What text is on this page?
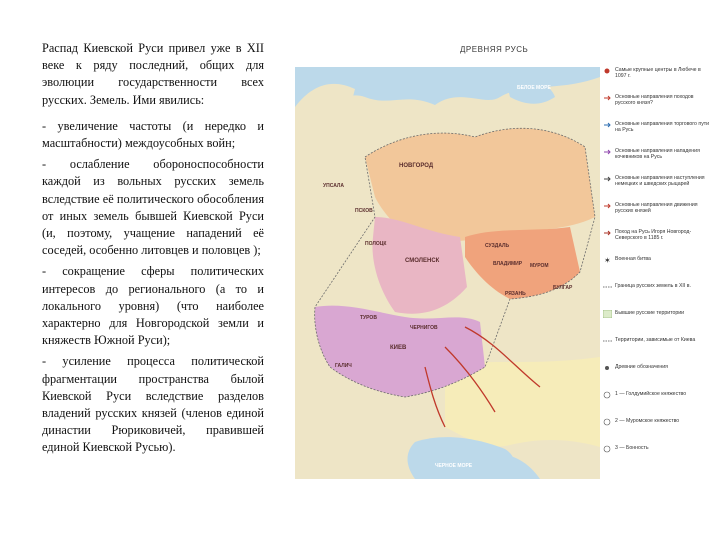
Распад Киевской Руси привел уже в XII веке к ряду последний, общих для эволюции государственности всех русских. Земель. Ими явились:

- увеличение частоты (и нередко и масштабности) междоусобных войн;

- ослабление обороноспособности каждой из вольных русских земель вследствие её политического обособления от иных земель бывшей Киевской Руси (и, поэтому, учащение нападений её соседей, особенно литовцев и половцев );

- сокращение сферы политических интересов до регионального (а то и локального уровня) (что наиболее характерно для Новгородской земли и княжеств Южной Руси);

- усиление процесса политической фрагментации пространства былой Киевской Руси вследствие разделов владений русских князей (членов единой династии Рюриковичей, правившей единой Киевской Русью).

ДРЕВНЯЯ РУСЬ
БЕЛОЕ МОРЕ
НОВГОРОД
ПСКОВ
УПСАЛА
ПОЛОЦК
СМОЛЕНСК
СУЗДАЛЬ
ВЛАДИМИР МУРОМ
БУЛГАР
РЯЗАНЬ
ТУРОВ
ЧЕРНИГОВ
КИЕВ
ГАЛИЧ
ЧЕРНОЕ МОРЕ
Самые крупные центры в Любече в 1097 г.
Основные направления походов русского князя?
Основные направления торгового пути на Русь
Основные направления нападения кочевников на Русь
Основные направления наступления немецких и шведских рыцарей
Основные направления движения русских князей
Поход на Русь Игоря Новгород-Северского в 1185 г.
✶ Военная битва
Граница русских земель в XII в.
Бывшие русские территории
Территории, зависимые от Киева
Древние обозначения
1 — Голдумийское княжество
2 — Муромское княжество
3 — Бонность
